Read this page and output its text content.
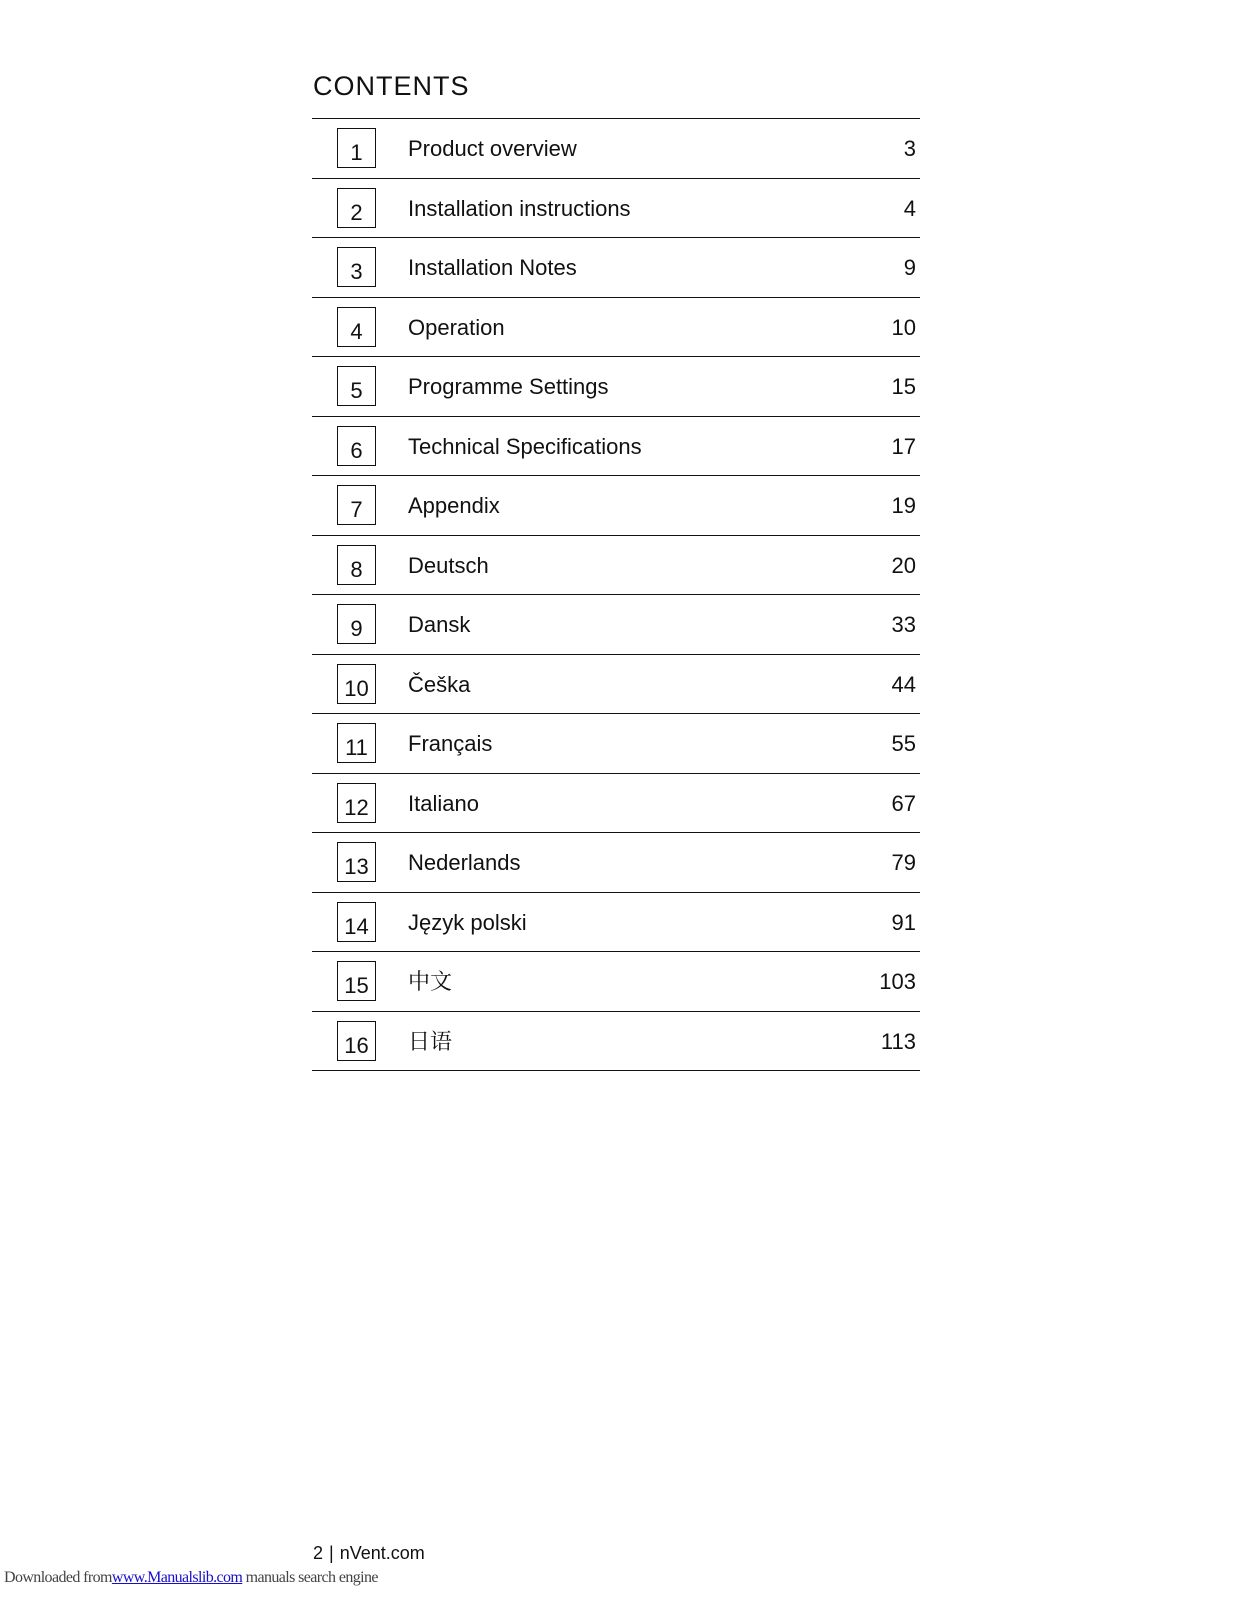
CONTENTS
1	Product overview	3
2	Installation instructions	4
3	Installation Notes	9
4	Operation	10
5	Programme Settings	15
6	Technical Specifications	17
7	Appendix	19
8	Deutsch	20
9	Dansk	33
10	Češka	44
11	Français	55
12	Italiano	67
13	Nederlands	79
14	Język polski	91
15	中文	103
16	日语	113
2 | nVent.com
Downloaded fromwww.Manualslib.com manuals search engine
